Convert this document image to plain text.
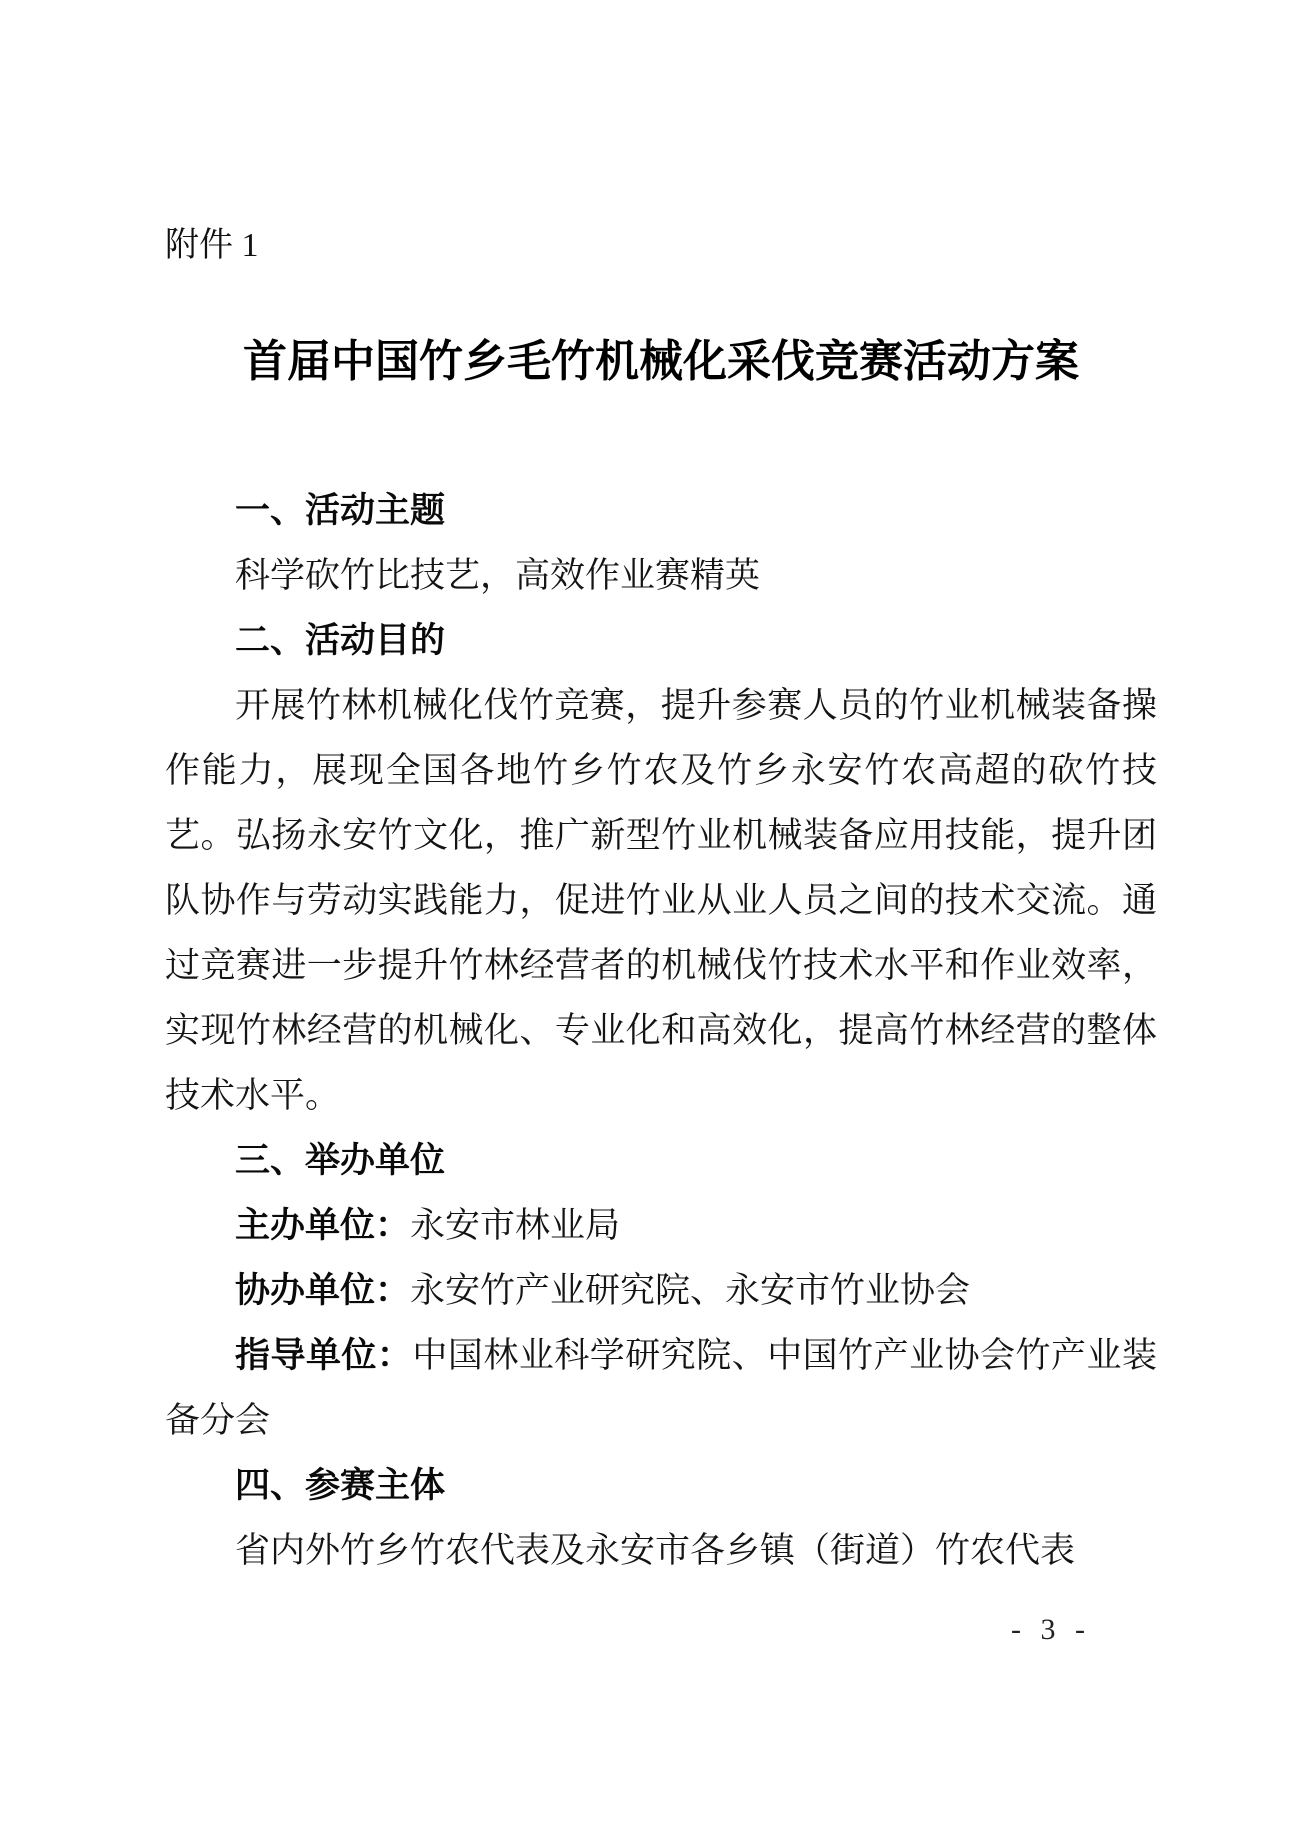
附件 1
首届中国竹乡毛竹机械化采伐竞赛活动方案
一、活动主题

科学砍竹比技艺，高效作业赛精英

二、活动目的

开展竹林机械化伐竹竞赛，提升参赛人员的竹业机械装备操作能力，展现全国各地竹乡竹农及竹乡永安竹农高超的砍竹技艺。弘扬永安竹文化，推广新型竹业机械装备应用技能，提升团队协作与劳动实践能力，促进竹业从业人员之间的技术交流。通过竞赛进一步提升竹林经营者的机械伐竹技术水平和作业效率，实现竹林经营的机械化、专业化和高效化，提高竹林经营的整体技术水平。

三、举办单位

主办单位：永安市林业局

协办单位：永安竹产业研究院、永安市竹业协会

指导单位：中国林业科学研究院、中国竹产业协会竹产业装备分会

四、参赛主体

省内外竹乡竹农代表及永安市各乡镇（街道）竹农代表

- 3 -
